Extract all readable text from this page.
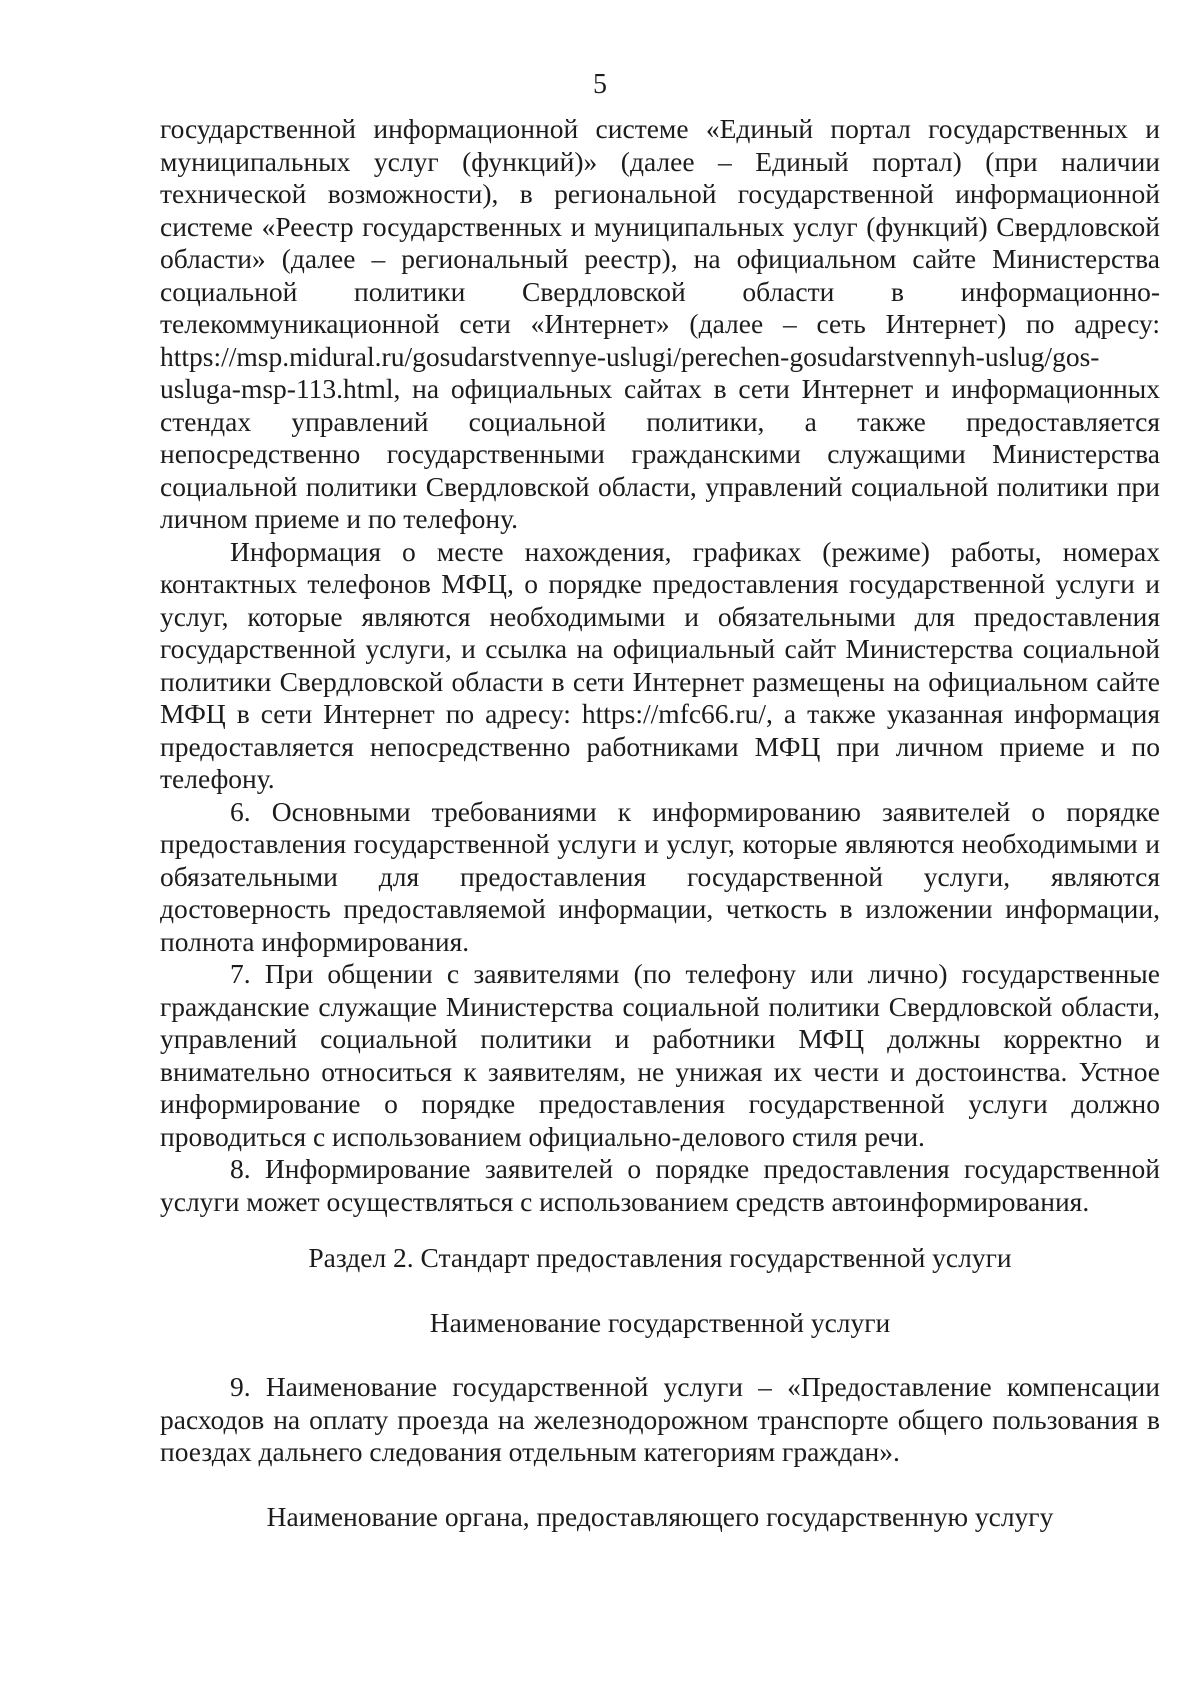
5

государственной информационной системе «Единый портал государственных и муниципальных услуг (функций)» (далее – Единый портал) (при наличии технической возможности), в региональной государственной информационной системе «Реестр государственных и муниципальных услуг (функций) Свердловской области» (далее – региональный реестр), на официальном сайте Министерства социальной политики Свердловской области в информационно-телекоммуникационной сети «Интернет» (далее – сеть Интернет) по адресу: https://msp.midural.ru/gosudarstvennye-uslugi/perechen-gosudarstvennyh-uslug/gos-usluga-msp-113.html, на официальных сайтах в сети Интернет и информационных стендах управлений социальной политики, а также предоставляется непосредственно государственными гражданскими служащими Министерства социальной политики Свердловской области, управлений социальной политики при личном приеме и по телефону.

Информация о месте нахождения, графиках (режиме) работы, номерах контактных телефонов МФЦ, о порядке предоставления государственной услуги и услуг, которые являются необходимыми и обязательными для предоставления государственной услуги, и ссылка на официальный сайт Министерства социальной политики Свердловской области в сети Интернет размещены на официальном сайте МФЦ в сети Интернет по адресу: https://mfc66.ru/, а также указанная информация предоставляется непосредственно работниками МФЦ при личном приеме и по телефону.

6. Основными требованиями к информированию заявителей о порядке предоставления государственной услуги и услуг, которые являются необходимыми и обязательными для предоставления государственной услуги, являются достоверность предоставляемой информации, четкость в изложении информации, полнота информирования.

7. При общении с заявителями (по телефону или лично) государственные гражданские служащие Министерства социальной политики Свердловской области, управлений социальной политики и работники МФЦ должны корректно и внимательно относиться к заявителям, не унижая их чести и достоинства. Устное информирование о порядке предоставления государственной услуги должно проводиться с использованием официально-делового стиля речи.

8. Информирование заявителей о порядке предоставления государственной услуги может осуществляться с использованием средств автоинформирования.

Раздел 2. Стандарт предоставления государственной услуги

Наименование государственной услуги

9. Наименование государственной услуги – «Предоставление компенсации расходов на оплату проезда на железнодорожном транспорте общего пользования в поездах дальнего следования отдельным категориям граждан».

Наименование органа, предоставляющего государственную услугу
